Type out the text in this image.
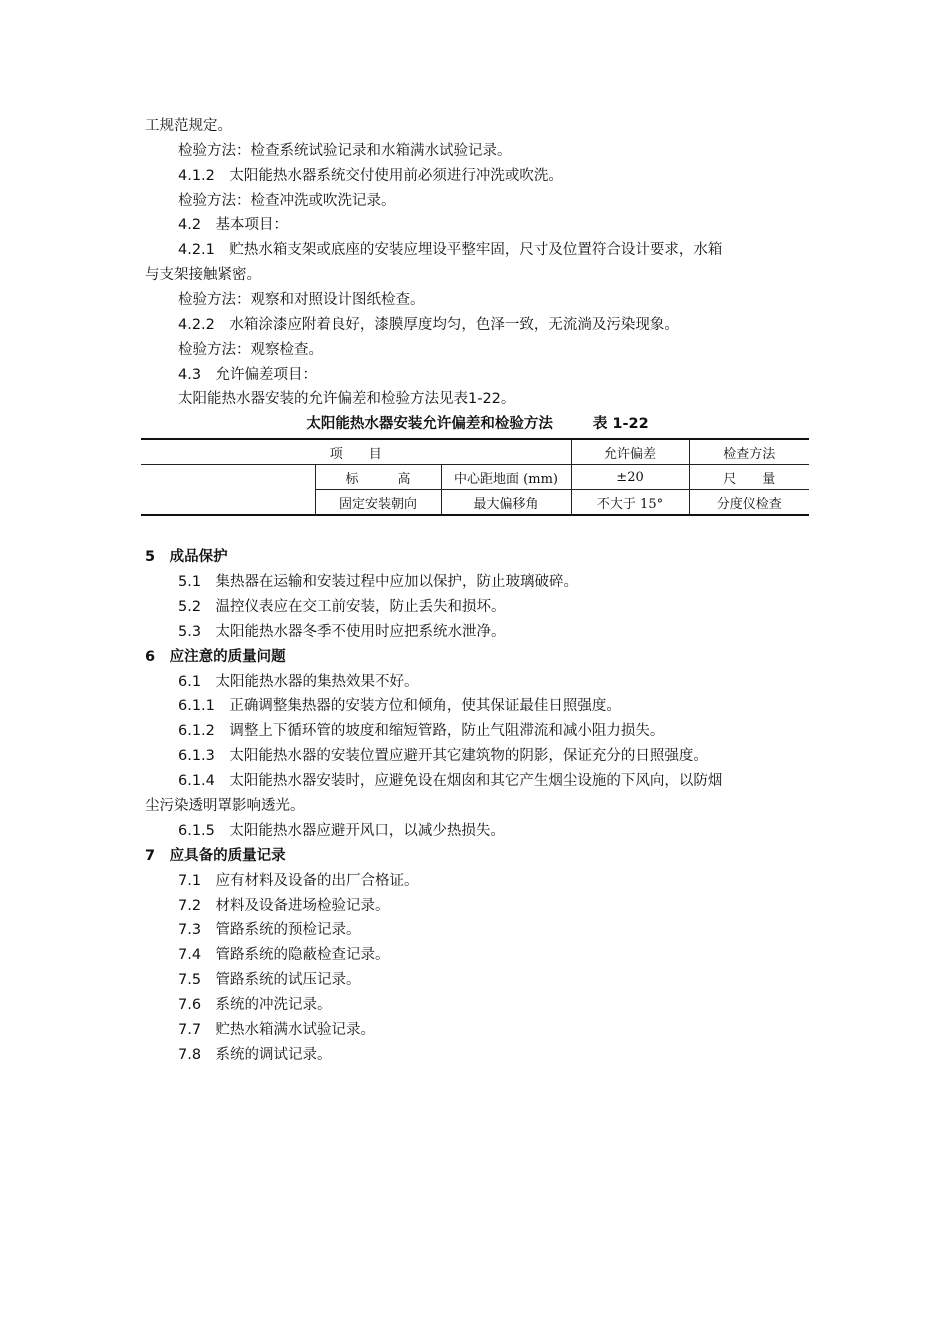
工规范规定。

检验方法：检查系统试验记录和水箱满水试验记录。

4.1.2　太阳能热水器系统交付使用前必须进行冲洗或吹洗。

检验方法：检查冲洗或吹洗记录。

4.2　基本项目：

4.2.1　贮热水箱支架或底座的安装应埋设平整牢固，尺寸及位置符合设计要求，水箱

与支架接触紧密。

检验方法：观察和对照设计图纸检查。

4.2.2　水箱涂漆应附着良好，漆膜厚度均匀，色泽一致，无流淌及污染现象。

检验方法：观察检查。

4.3　允许偏差项目：

太阳能热水器安装的允许偏差和检验方法见表1-22。

太阳能热水器安装允许偏差和检验方法	表 1-22

项　　目			允许偏差	检查方法
	标　　　高	中心距地面 (mm)	±20	尺　　量
	固定安装朝向	最大偏移角	不大于 15°	分度仪检查

5　成品保护

5.1　集热器在运输和安装过程中应加以保护，防止玻璃破碎。

5.2　温控仪表应在交工前安装，防止丢失和损坏。

5.3　太阳能热水器冬季不使用时应把系统水泄净。

6　应注意的质量问题

6.1　太阳能热水器的集热效果不好。

6.1.1　正确调整集热器的安装方位和倾角，使其保证最佳日照强度。

6.1.2　调整上下循环管的坡度和缩短管路，防止气阻滞流和减小阻力损失。

6.1.3　太阳能热水器的安装位置应避开其它建筑物的阴影，保证充分的日照强度。

6.1.4　太阳能热水器安装时，应避免设在烟囱和其它产生烟尘设施的下风向，以防烟

尘污染透明罩影响透光。

6.1.5　太阳能热水器应避开风口，以减少热损失。

7　应具备的质量记录

7.1　应有材料及设备的出厂合格证。

7.2　材料及设备进场检验记录。

7.3　管路系统的预检记录。

7.4　管路系统的隐蔽检查记录。

7.5　管路系统的试压记录。

7.6　系统的冲洗记录。

7.7　贮热水箱满水试验记录。

7.8　系统的调试记录。
